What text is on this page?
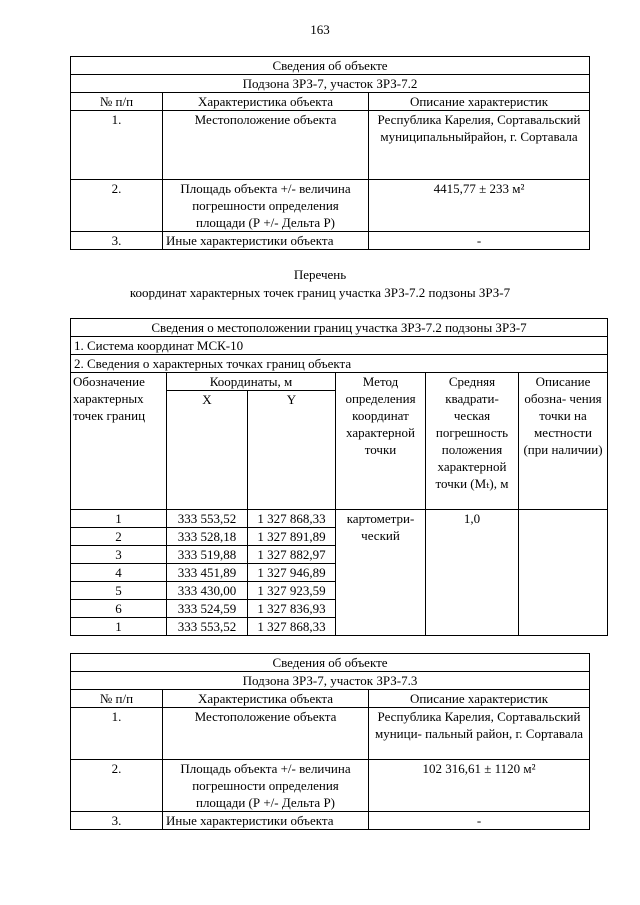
163
Сведения об объекте		
Подзона ЗРЗ-7, участок ЗРЗ-7.2		
№ п/п	Характеристика объекта	Описание характеристик
1.	Местоположение объекта	Республика Карелия, Сортавальский муниципальныйрайон, г. Сортавала
2.	Площадь объекта +/- величина погрешности определения площади (Р +/- Дельта Р)	4415,77 ± 233 м²
3.	Иные характеристики объекта	-
Перечень
координат характерных точек границ участка ЗРЗ-7.2 подзоны ЗРЗ-7
Сведения о местоположении границ участка ЗРЗ-7.2 подзоны ЗРЗ-7					
1. Система координат МСК-10					
2. Сведения о характерных точках границ объекта					
Обозначение характерных точек границ	Координаты, м		Метод определения координат характерной точки	Средняя квадрати- ческая погрешность положения характерной точки (Mₜ), м	Описание обозна- чения точки на местности (при наличии)
	X	Y			
1	333 553,52	1 327 868,33	картометри- ческий	1,0	
2	333 528,18	1 327 891,89			
3	333 519,88	1 327 882,97			
4	333 451,89	1 327 946,89			
5	333 430,00	1 327 923,59			
6	333 524,59	1 327 836,93			
1	333 553,52	1 327 868,33			
Сведения об объекте		
Подзона ЗРЗ-7, участок ЗРЗ-7.3		
№ п/п	Характеристика объекта	Описание характеристик
1.	Местоположение объекта	Республика Карелия, Сортавальский муници- пальный район, г. Сортавала
2.	Площадь объекта +/- величина погрешности определения площади (Р +/- Дельта Р)	102 316,61 ± 1120 м²
3.	Иные характеристики объекта	-
